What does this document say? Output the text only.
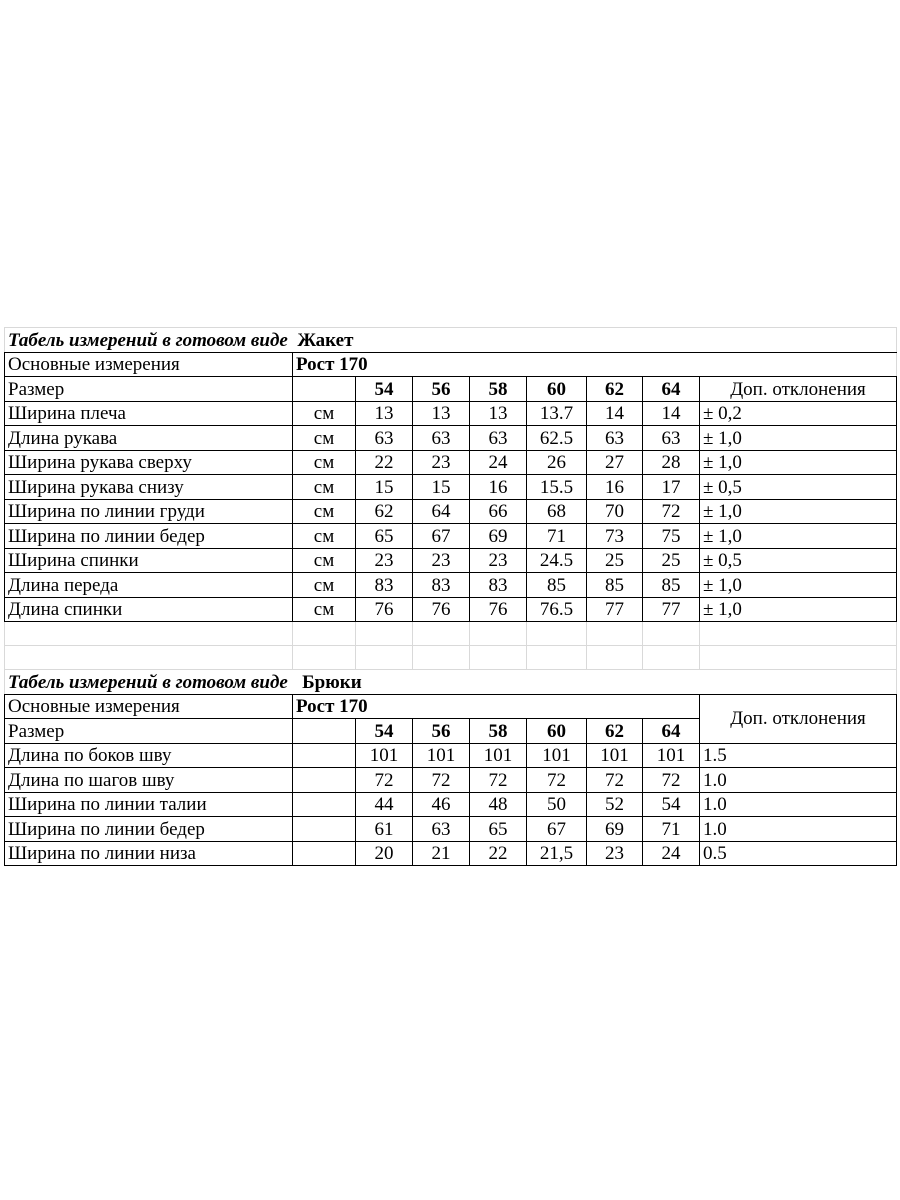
Табель измерений в готовом виде Жакет								
Основные измерения	Рост 170							
Размер		54	56	58	60	62	64	Доп. отклонения
Ширина плеча	см	13	13	13	13.7	14	14	± 0,2
Длина рукава	см	63	63	63	62.5	63	63	± 1,0
Ширина рукава сверху	см	22	23	24	26	27	28	± 1,0
Ширина рукава снизу	см	15	15	16	15.5	16	17	± 0,5
Ширина по линии груди	см	62	64	66	68	70	72	± 1,0
Ширина по линии бедер	см	65	67	69	71	73	75	± 1,0
Ширина спинки	см	23	23	23	24.5	25	25	± 0,5
Длина переда	см	83	83	83	85	85	85	± 1,0
Длина спинки	см	76	76	76	76.5	77	77	± 1,0

Табель измерений в готовом виде Брюки								
Основные измерения	Рост 170							Доп. отклонения
Размер		54	56	58	60	62	64	
Длина по боков шву		101	101	101	101	101	101	1.5
Длина по шагов шву		72	72	72	72	72	72	1.0
Ширина по линии талии		44	46	48	50	52	54	1.0
Ширина по линии бедер		61	63	65	67	69	71	1.0
Ширина по линии низа		20	21	22	21,5	23	24	0.5
